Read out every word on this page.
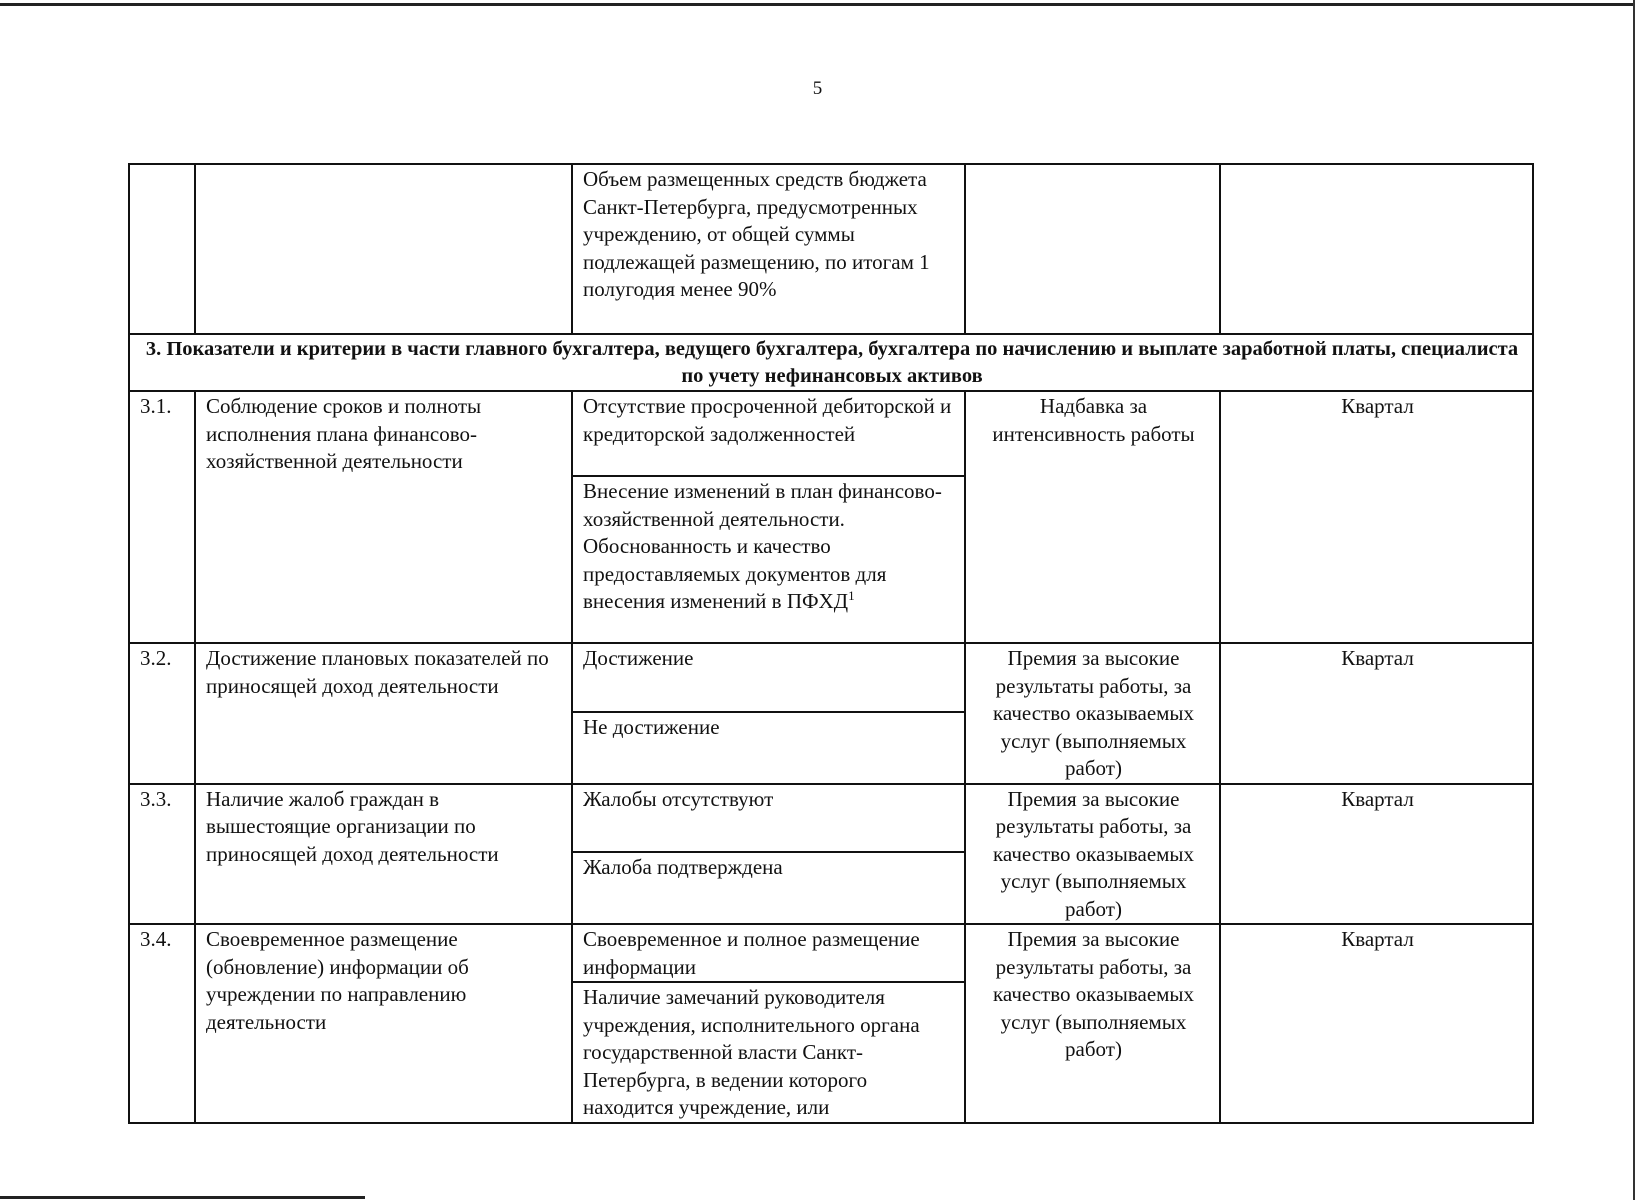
5
		Объем размещенных средств бюджета Санкт-Петербурга, предусмотренных учреждению, от общей суммы подлежащей размещению, по итогам 1 полугодия менее 90%		
3. Показатели и критерии в части главного бухгалтера, ведущего бухгалтера, бухгалтера по начислению и выплате заработной платы, специалиста по учету нефинансовых активов				
3.1.	Соблюдение сроков и полноты исполнения плана финансово-хозяйственной деятельности	Отсутствие просроченной дебиторской и кредиторской задолженностей	Надбавка за интенсивность работы	Квартал
		Внесение изменений в план финансово-хозяйственной деятельности. Обоснованность и качество предоставляемых документов для внесения изменений в ПФХД$^1$
3.2.	Достижение плановых показателей по приносящей доход деятельности	Достижение	Премия за высокие результаты работы, за качество оказываемых услуг (выполняемых работ)	Квартал
		Не достижение		
3.3.	Наличие жалоб граждан в вышестоящие организации по приносящей доход деятельности	Жалобы отсутствуют	Премия за высокие результаты работы, за качество оказываемых услуг (выполняемых работ)	Квартал
		Жалоба подтверждена		
3.4.	Своевременное размещение (обновление) информации об учреждении по направлению деятельности	Своевременное и полное размещение информации	Премия за высокие результаты работы, за качество оказываемых услуг (выполняемых работ)	Квартал
		Наличие замечаний руководителя учреждения, исполнительного органа государственной власти Санкт-Петербурга, в ведении которого находится учреждение, или		
